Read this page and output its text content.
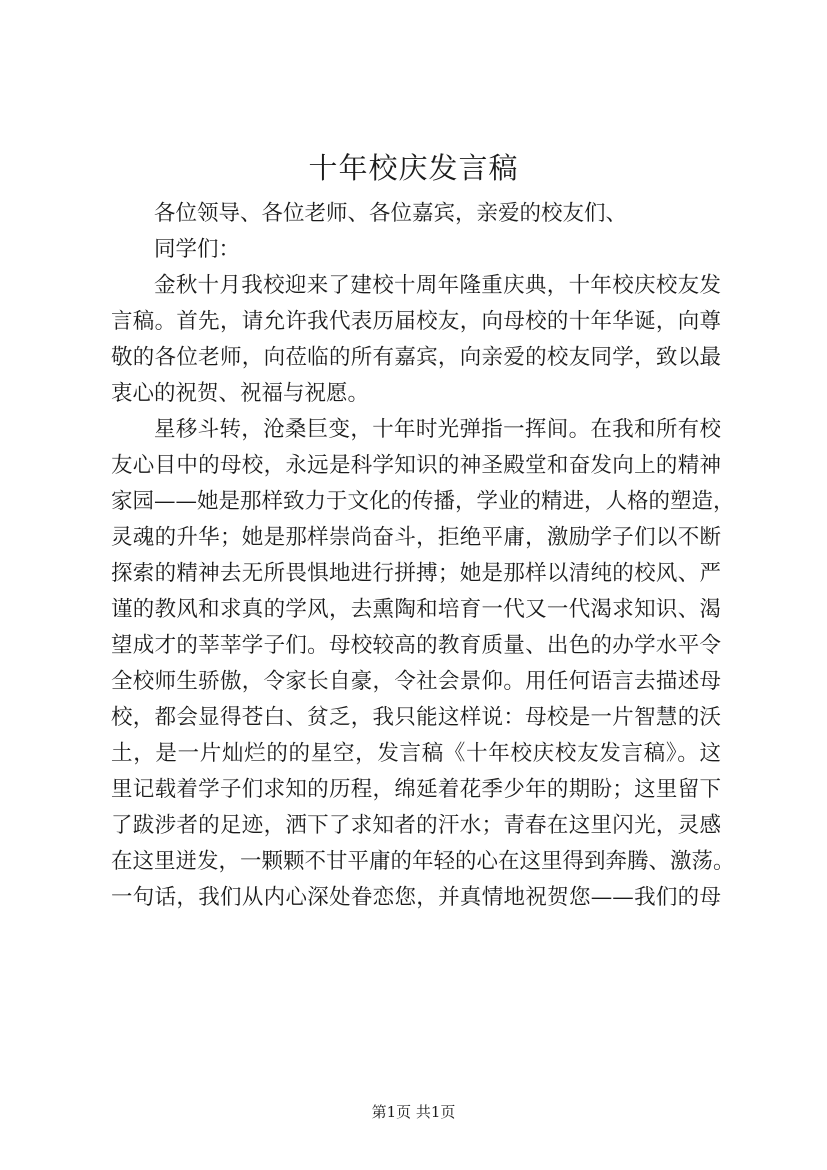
十年校庆发言稿
各位领导、各位老师、各位嘉宾，亲爱的校友们、
同学们：
金秋十月我校迎来了建校十周年隆重庆典，十年校庆校友发
言稿。首先，请允许我代表历届校友，向母校的十年华诞，向尊
敬的各位老师，向莅临的所有嘉宾，向亲爱的校友同学，致以最
衷心的祝贺、祝福与祝愿。
星移斗转，沧桑巨变，十年时光弹指一挥间。在我和所有校
友心目中的母校，永远是科学知识的神圣殿堂和奋发向上的精神
家园——她是那样致力于文化的传播，学业的精进，人格的塑造，
灵魂的升华；她是那样崇尚奋斗，拒绝平庸，激励学子们以不断
探索的精神去无所畏惧地进行拼搏；她是那样以清纯的校风、严
谨的教风和求真的学风，去熏陶和培育一代又一代渴求知识、渴
望成才的莘莘学子们。母校较高的教育质量、出色的办学水平令
全校师生骄傲，令家长自豪，令社会景仰。用任何语言去描述母
校，都会显得苍白、贫乏，我只能这样说：母校是一片智慧的沃
土，是一片灿烂的的星空，发言稿《十年校庆校友发言稿》。这
里记载着学子们求知的历程，绵延着花季少年的期盼；这里留下
了跋涉者的足迹，洒下了求知者的汗水；青春在这里闪光，灵感
在这里迸发，一颗颗不甘平庸的年轻的心在这里得到奔腾、激荡。
一句话，我们从内心深处眷恋您，并真情地祝贺您——我们的母
第1页 共1页
